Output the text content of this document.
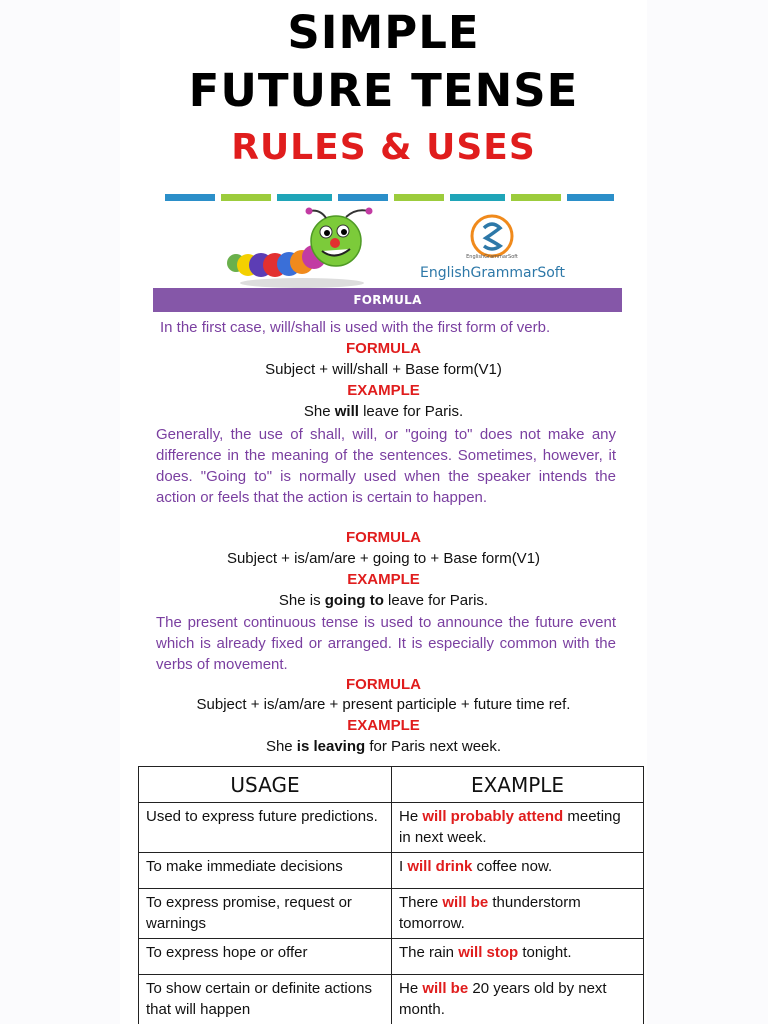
SIMPLE
FUTURE TENSE
RULES & USES
EnglishGrammarSoft
EnglishGrammarSoft
FORMULA
In the first case, will/shall is used with the first form of verb.
FORMULA
Subject + will/shall + Base form(V1)
EXAMPLE
She will leave for Paris.
Generally, the use of shall, will, or "going to" does not make any difference in the meaning of the sentences. Sometimes, however, it does. "Going to" is normally used when the speaker intends the action or feels that the action is certain to happen.
FORMULA
Subject + is/am/are + going to + Base form(V1)
EXAMPLE
She is going to leave for Paris.
The present continuous tense is used to announce the future event which is already fixed or arranged. It is especially common with the verbs of movement.
FORMULA
Subject + is/am/are + present participle + future time ref.
EXAMPLE
She is leaving for Paris next week.
USAGE	EXAMPLE
Used to express future predictions.	He will probably attend meeting in next week.
To make immediate decisions	I will drink coffee now.
To express promise, request or warnings	There will be thunderstorm tomorrow.
To express hope or offer	The rain will stop tonight.
To show certain or definite actions that will happen	He will be 20 years old by next month.
